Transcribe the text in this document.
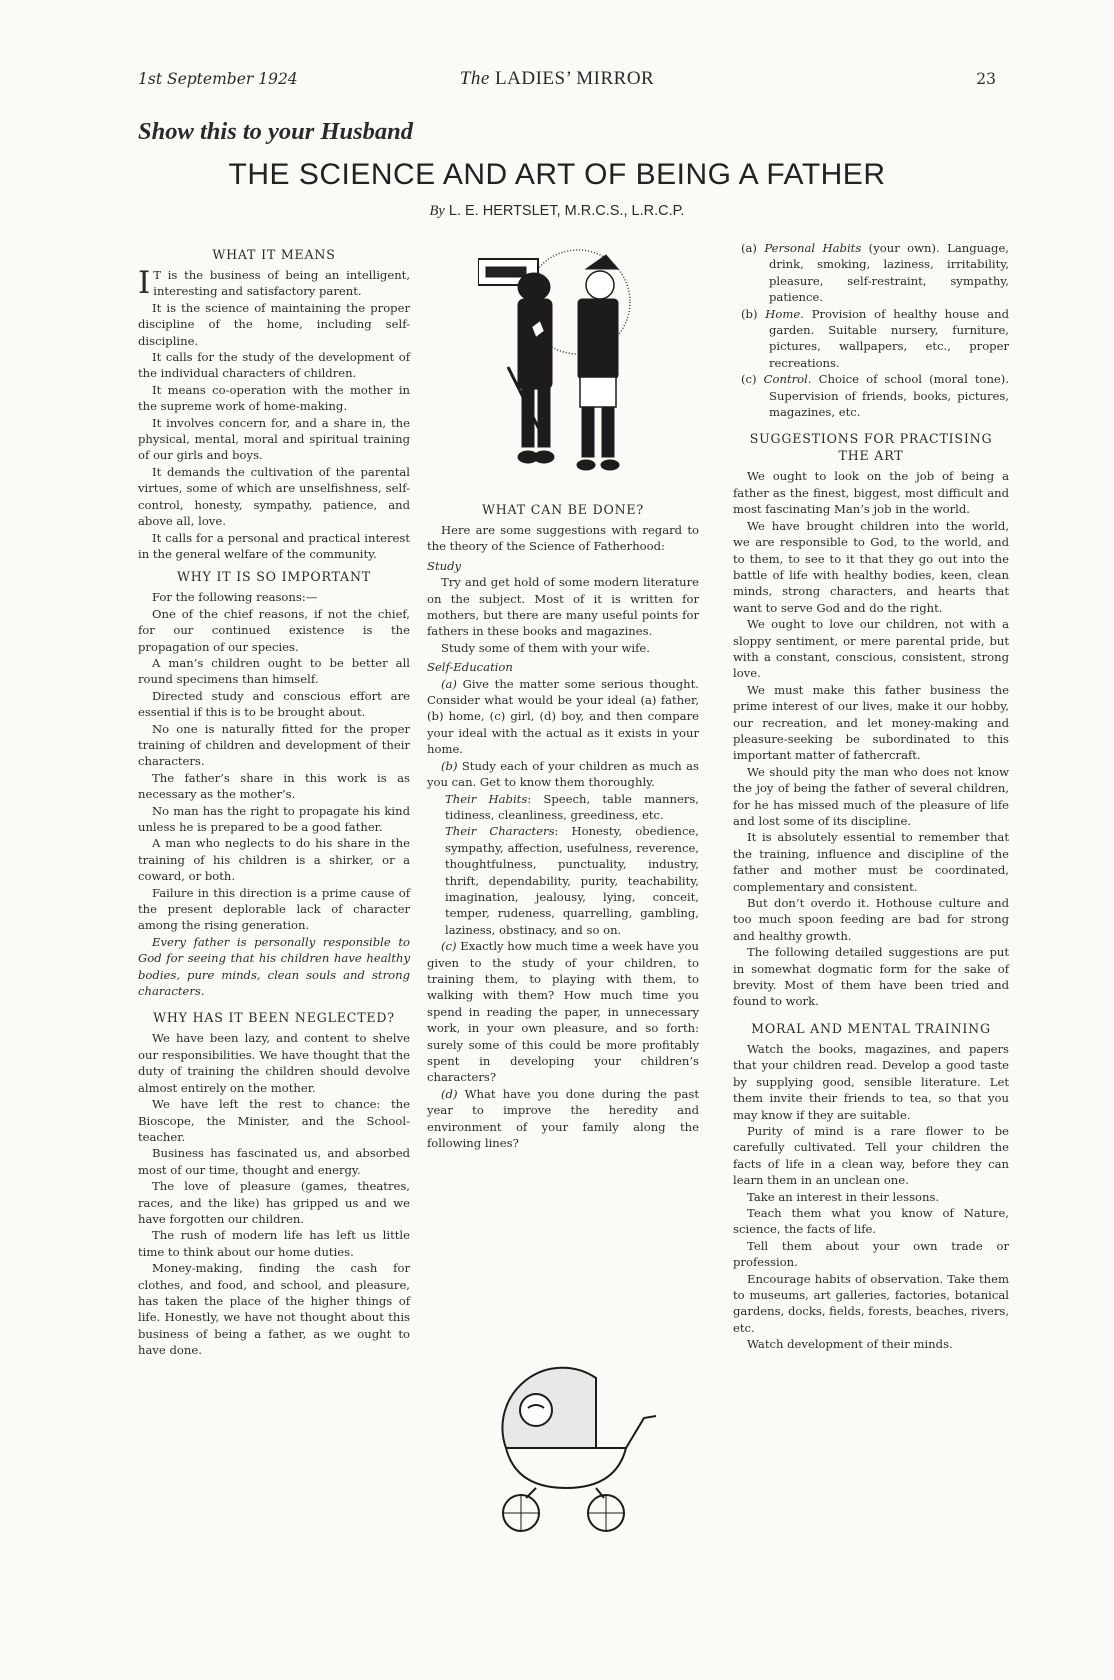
1st September 1924	The LADIES’ MIRROR	23
Show this to your Husband
THE SCIENCE AND ART OF BEING A FATHER
By L. E. HERTSLET, M.R.C.S., L.R.C.P.
WHAT IT MEANS

I T is the business of being an intelligent, interesting and satisfactory parent.

It is the science of maintaining the proper discipline of the home, including self-discipline.

It calls for the study of the development of the individual characters of children.

It means co-operation with the mother in the supreme work of home-making.

It involves concern for, and a share in, the physical, mental, moral and spiritual training of our girls and boys.

It demands the cultivation of the parental virtues, some of which are unselfishness, self-control, honesty, sympathy, patience, and above all, love.

It calls for a personal and practical interest in the general welfare of the community.

WHY IT IS SO IMPORTANT

For the following reasons:—

One of the chief reasons, if not the chief, for our continued existence is the propagation of our species.

A man’s children ought to be better all round specimens than himself.

Directed study and conscious effort are essential if this is to be brought about.

No one is naturally fitted for the proper training of children and development of their characters.

The father’s share in this work is as necessary as the mother’s.

No man has the right to propagate his kind unless he is prepared to be a good father.

A man who neglects to do his share in the training of his children is a shirker, or a coward, or both.

Failure in this direction is a prime cause of the present deplorable lack of character among the rising generation.

Every father is personally responsible to God for seeing that his children have healthy bodies, pure minds, clean souls and strong characters.

WHY HAS IT BEEN NEGLECTED?

We have been lazy, and content to shelve our responsibilities. We have thought that the duty of training the children should devolve almost entirely on the mother.

We have left the rest to chance: the Bioscope, the Minister, and the School-teacher.

Business has fascinated us, and absorbed most of our time, thought and energy.

The love of pleasure (games, theatres, races, and the like) has gripped us and we have forgotten our children.

The rush of modern life has left us little time to think about our home duties.

Money-making, finding the cash for clothes, and food, and school, and pleasure, has taken the place of the higher things of life. Honestly, we have not thought about this business of being a father, as we ought to have done.

WHAT CAN BE DONE?

Here are some suggestions with regard to the theory of the Science of Fatherhood:

Study

Try and get hold of some modern literature on the subject. Most of it is written for mothers, but there are many useful points for fathers in these books and magazines.

Study some of them with your wife.

Self-Education

(a) Give the matter some serious thought. Consider what would be your ideal (a) father, (b) home, (c) girl, (d) boy, and then compare your ideal with the actual as it exists in your home.

(b) Study each of your children as much as you can. Get to know them thoroughly.

Their Habits: Speech, table manners, tidiness, cleanliness, greediness, etc.

Their Characters: Honesty, obedience, sympathy, affection, usefulness, reverence, thoughtfulness, punctuality, industry, thrift, dependability, purity, teachability, imagination, jealousy, lying, conceit, temper, rudeness, quarrelling, gambling, laziness, obstinacy, and so on.

(c) Exactly how much time a week have you given to the study of your children, to training them, to playing with them, to walking with them? How much time you spend in reading the paper, in unnecessary work, in your own pleasure, and so forth: surely some of this could be more profitably spent in developing your children’s characters?

(d) What have you done during the past year to improve the heredity and environment of your family along the following lines?

(a) Personal Habits (your own). Language, drink, smoking, laziness, irritability, pleasure, self-restraint, sympathy, patience.

(b) Home. Provision of healthy house and garden. Suitable nursery, furniture, pictures, wallpapers, etc., proper recreations.

(c) Control. Choice of school (moral tone). Supervision of friends, books, pictures, magazines, etc.

SUGGESTIONS FOR PRACTISING THE ART

We ought to look on the job of being a father as the finest, biggest, most difficult and most fascinating Man’s job in the world.

We have brought children into the world, we are responsible to God, to the world, and to them, to see to it that they go out into the battle of life with healthy bodies, keen, clean minds, strong characters, and hearts that want to serve God and do the right.

We ought to love our children, not with a sloppy sentiment, or mere parental pride, but with a constant, conscious, consistent, strong love.

We must make this father business the prime interest of our lives, make it our hobby, our recreation, and let money-making and pleasure-seeking be subordinated to this important matter of fathercraft.

We should pity the man who does not know the joy of being the father of several children, for he has missed much of the pleasure of life and lost some of its discipline.

It is absolutely essential to remember that the training, influence and discipline of the father and mother must be coordinated, complementary and consistent.

But don’t overdo it. Hothouse culture and too much spoon feeding are bad for strong and healthy growth.

The following detailed suggestions are put in somewhat dogmatic form for the sake of brevity. Most of them have been tried and found to work.

MORAL AND MENTAL TRAINING

Watch the books, magazines, and papers that your children read. Develop a good taste by supplying good, sensible literature. Let them invite their friends to tea, so that you may know if they are suitable.

Purity of mind is a rare flower to be carefully cultivated. Tell your children the facts of life in a clean way, before they can learn them in an unclean one.

Take an interest in their lessons.

Teach them what you know of Nature, science, the facts of life.

Tell them about your own trade or profession.

Encourage habits of observation. Take them to museums, art galleries, factories, botanical gardens, docks, fields, forests, beaches, rivers, etc.

Watch development of their minds.
